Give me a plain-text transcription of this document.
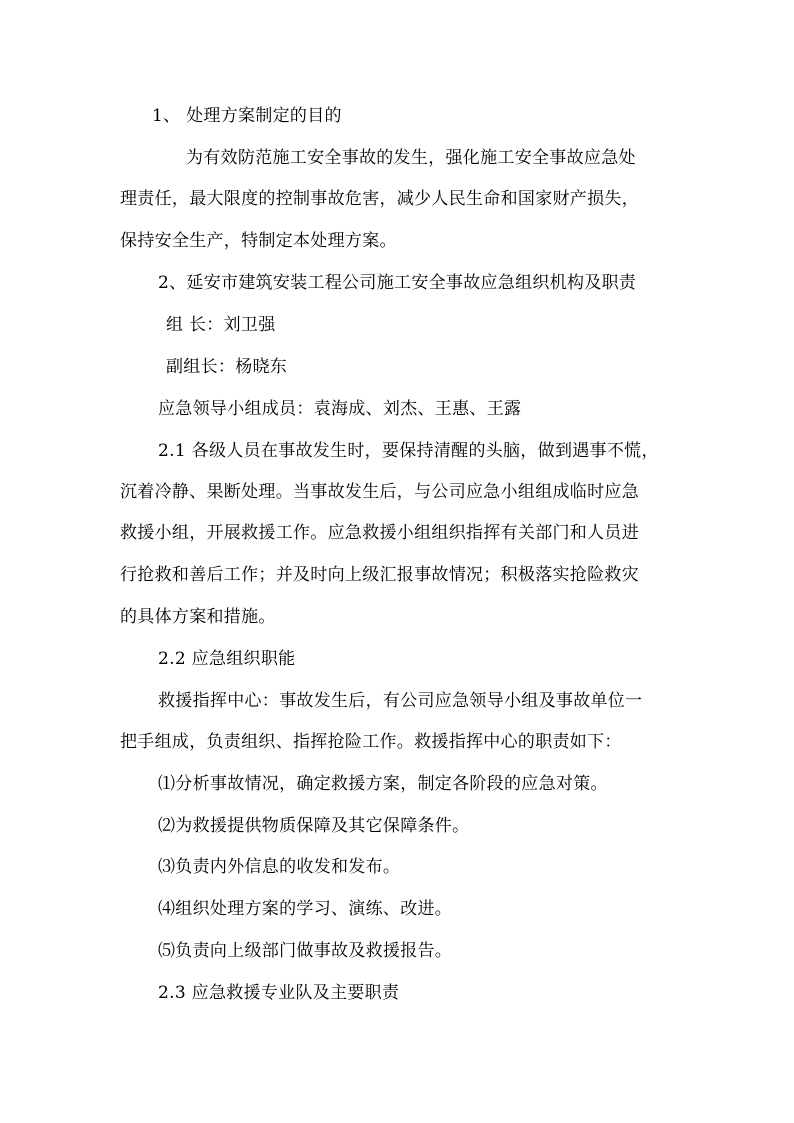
1、 处理方案制定的目的
为有效防范施工安全事故的发生，强化施工安全事故应急处
理责任，最大限度的控制事故危害，减少人民生命和国家财产损失，
保持安全生产，特制定本处理方案。
2、延安市建筑安装工程公司施工安全事故应急组织机构及职责
组 长：刘卫强
副组长：杨晓东
应急领导小组成员：袁海成、刘杰、王惠、王露
2.1 各级人员在事故发生时，要保持清醒的头脑，做到遇事不慌，
沉着冷静、果断处理。当事故发生后，与公司应急小组组成临时应急
救援小组，开展救援工作。应急救援小组组织指挥有关部门和人员进
行抢救和善后工作；并及时向上级汇报事故情况；积极落实抢险救灾
的具体方案和措施。
2.2 应急组织职能
救援指挥中心：事故发生后，有公司应急领导小组及事故单位一
把手组成，负责组织、指挥抢险工作。救援指挥中心的职责如下：
⑴分析事故情况，确定救援方案，制定各阶段的应急对策。
⑵为救援提供物质保障及其它保障条件。
⑶负责内外信息的收发和发布。
⑷组织处理方案的学习、演练、改进。
⑸负责向上级部门做事故及救援报告。
2.3 应急救援专业队及主要职责
